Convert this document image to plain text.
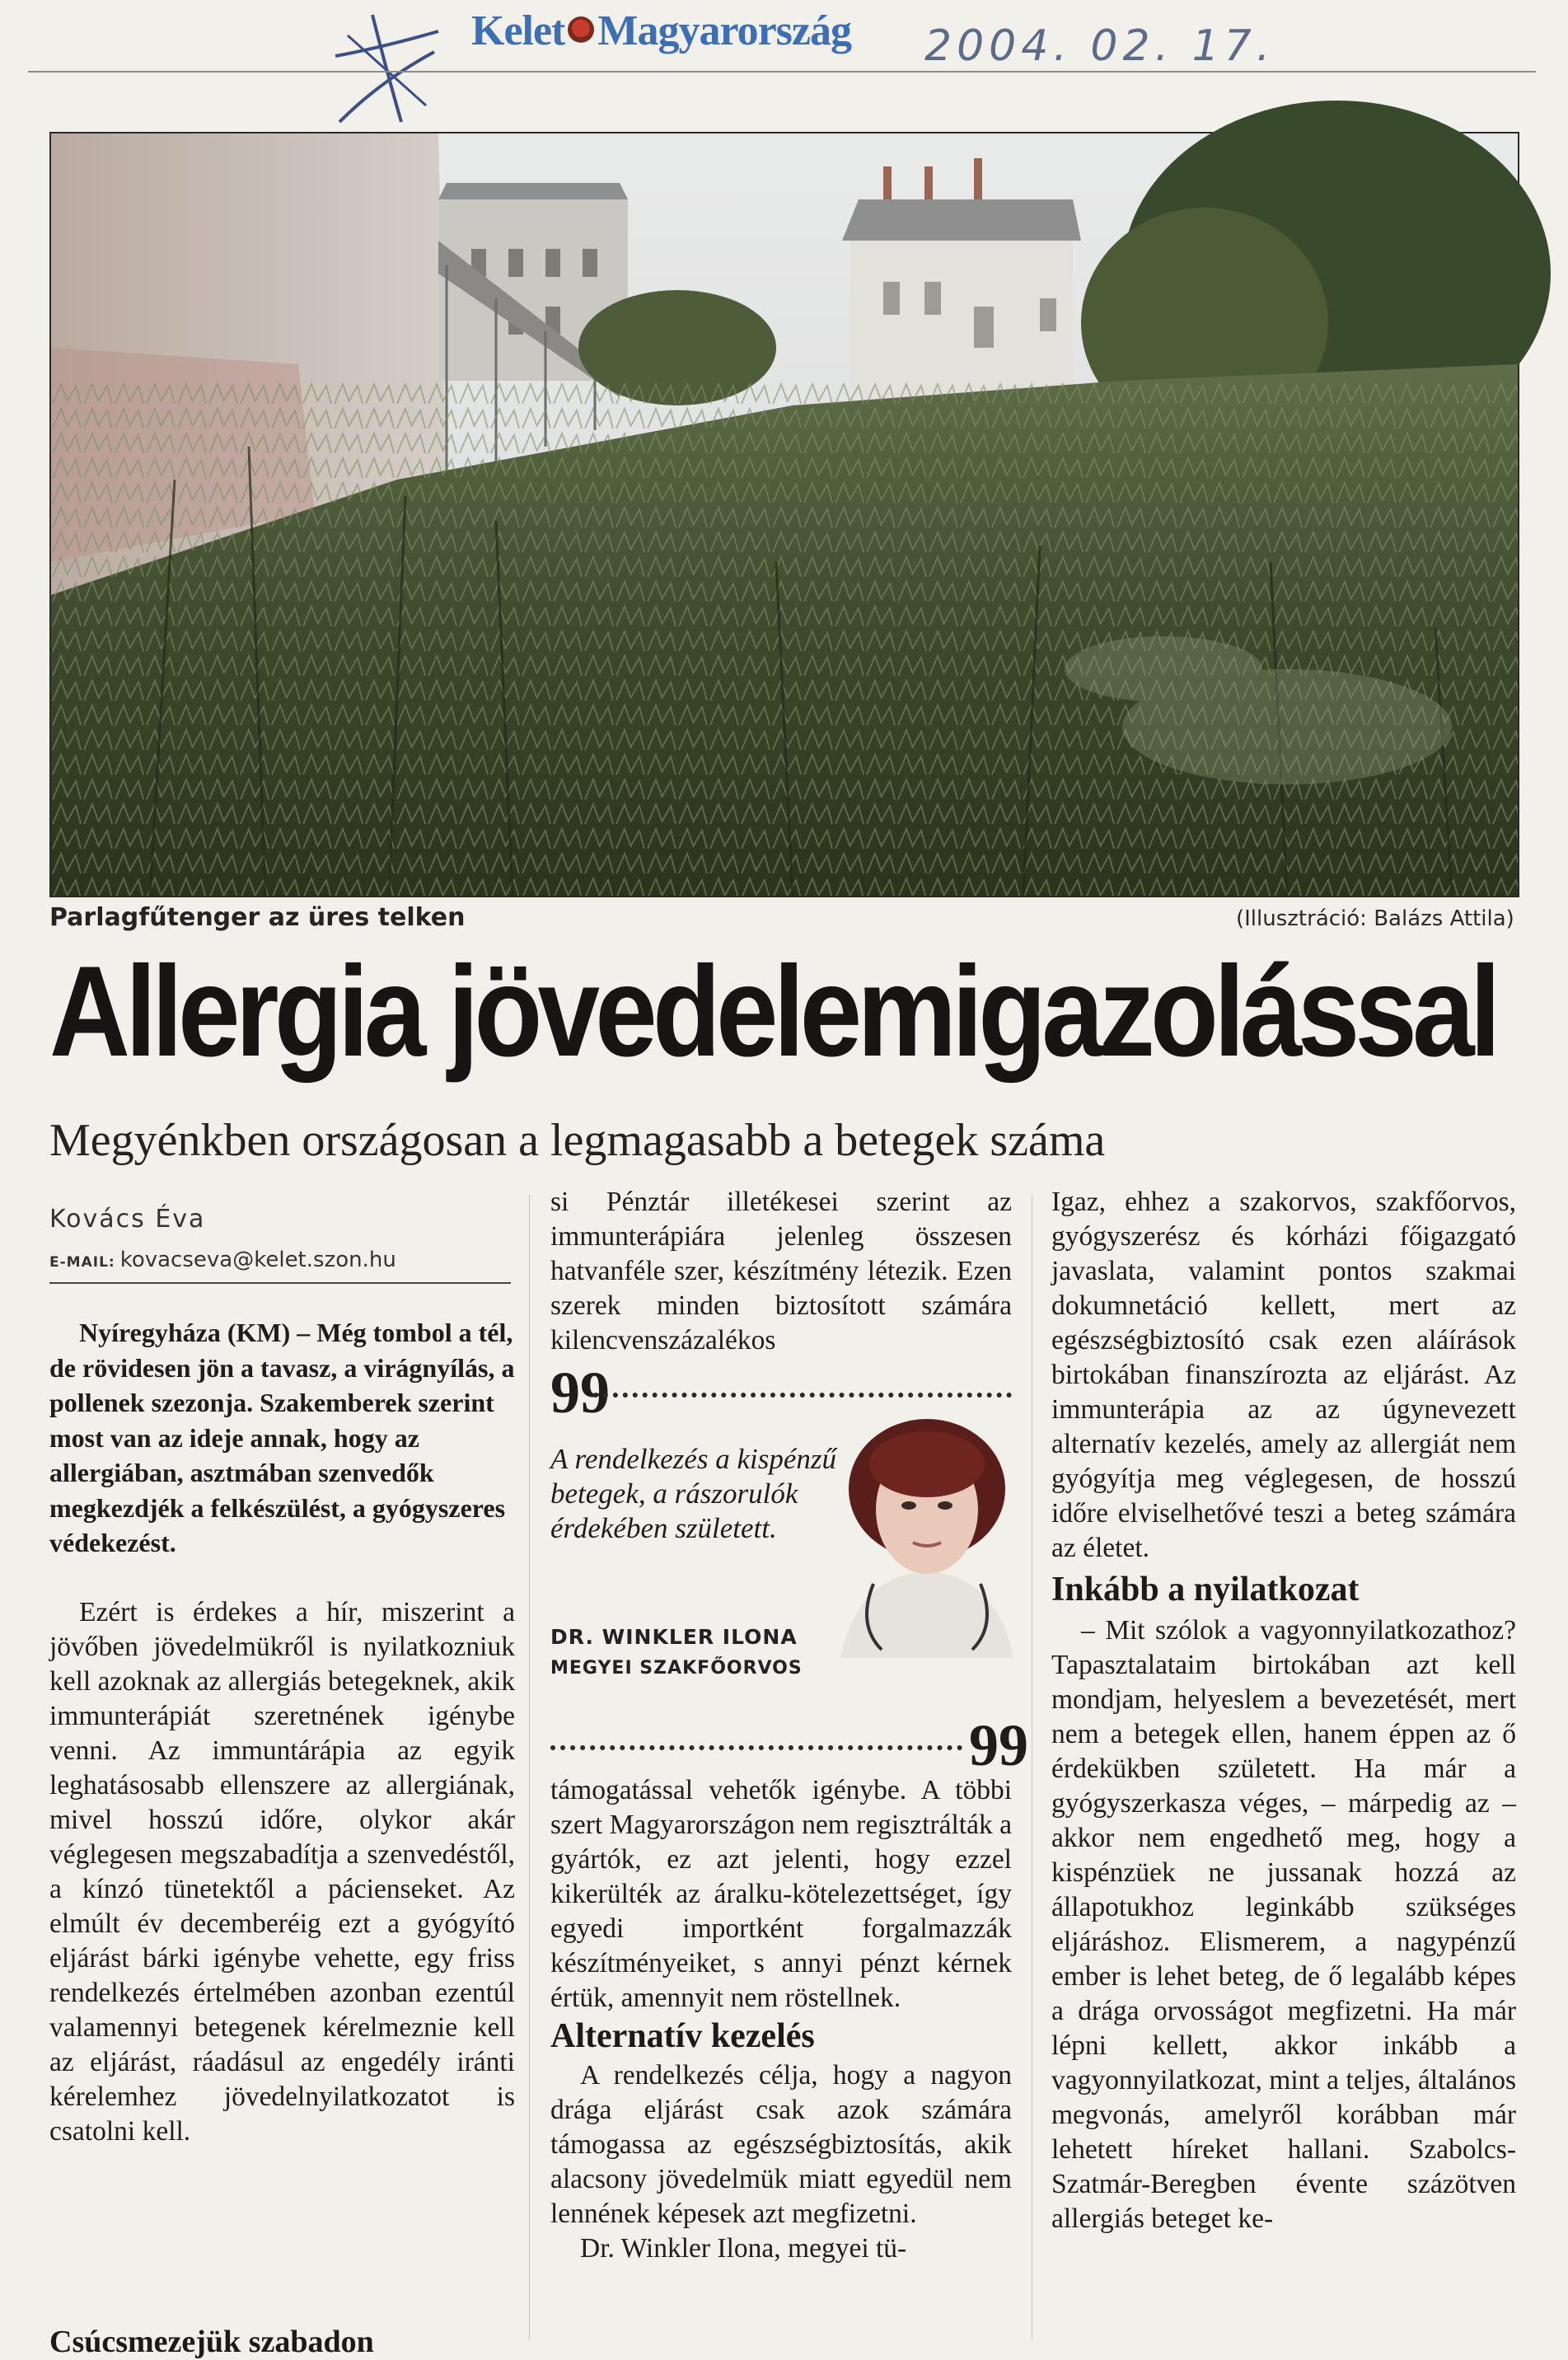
Kelet Magyarország 2004. 02. 17.
Parlagfűtenger az üres telken	(Illusztráció: Balázs Attila)
Allergia jövedelemigazolással
Megyénkben országosan a legmagasabb a betegek száma
Kovács Éva
E-MAIL: kovacsevа@kelet.szon.hu

Nyíregyháza (KM) – Még tombol a tél, de rövidesen jön a tavasz, a virágnyílás, a pollenek szezonja. Szakemberek szerint most van az ideje annak, hogy az allergiában, asztmában szenvedők megkezdjék a felkészülést, a gyógyszeres védekezést.

Ezért is érdekes a hír, miszerint a jövőben jövedelmükről is nyilatkozniuk kell azoknak az allergiás betegeknek, akik immunterápiát szeretnének igénybe venni. Az immuntárápia az egyik leghatásosabb ellenszere az allergiának, mivel hosszú időre, olykor akár véglegesen megszabadítja a szenvedéstől, a kínzó tünetektől a pácienseket. Az elmúlt év decemberéig ezt a gyógyító eljárást bárki igénybe vehette, egy friss rendelkezés értelmében azonban ezentúl valamennyi betegenek kérelmeznie kell az eljárást, ráadásul az engedély iránti kérelemhez jövedelnyilatkozatot is csatolni kell.

Csúcsmezejük szabadon

si Pénztár illetékesei szerint az immunterápiára jelenleg összesen hatvanféle szer, készítmény létezik. Ezen szerek minden biztosított számára kilencvenszázalékos

99
A rendelkezés a kispénzű betegek, a rászorulók érdekében született.
DR. WINKLER ILONA
MEGYEI SZAKFŐORVOS
99

támogatással vehetők igénybe. A többi szert Magyarországon nem regisztrálták a gyártók, ez azt jelenti, hogy ezzel kikerülték az áralku-kötelezettséget, így egyedi importként forgalmazzák készítményeiket, s annyi pénzt kérnek értük, amennyit nem röstellnek.

Alternatív kezelés

A rendelkezés célja, hogy a nagyon drága eljárást csak azok számára támogassa az egészségbiztosítás, akik alacsony jövedelmük miatt egyedül nem lennének képesek azt megfizetni.

Dr. Winkler Ilona, megyei tü-

Igaz, ehhez a szakorvos, szakfőorvos, gyógyszerész és kórházi főigazgató javaslata, valamint pontos szakmai dokumnetáció kellett, mert az egészségbiztosító csak ezen aláírások birtokában finanszírozta az eljárást. Az immunterápia az az úgynevezett alternatív kezelés, amely az allergiát nem gyógyítja meg véglegesen, de hosszú időre elviselhetővé teszi a beteg számára az életet.

Inkább a nyilatkozat

– Mit szólok a vagyonnyilatkozathoz? Tapasztalataim birtokában azt kell mondjam, helyeslem a bevezetését, mert nem a betegek ellen, hanem éppen az ő érdekükben született. Ha már a gyógyszerkasza véges, – márpedig az – akkor nem engedhető meg, hogy a kispénzüek ne jussanak hozzá az állapotukhoz leginkább szükséges eljáráshoz. Elismerem, a nagypénzű ember is lehet beteg, de ő legalább képes a drága orvosságot megfizetni. Ha már lépni kellett, akkor inkább a vagyonnyilatkozat, mint a teljes, általános megvonás, amelyről korábban már lehetett híreket hallani. Szabolcs-Szatmár-Beregben évente százötven allergiás beteget ke-
